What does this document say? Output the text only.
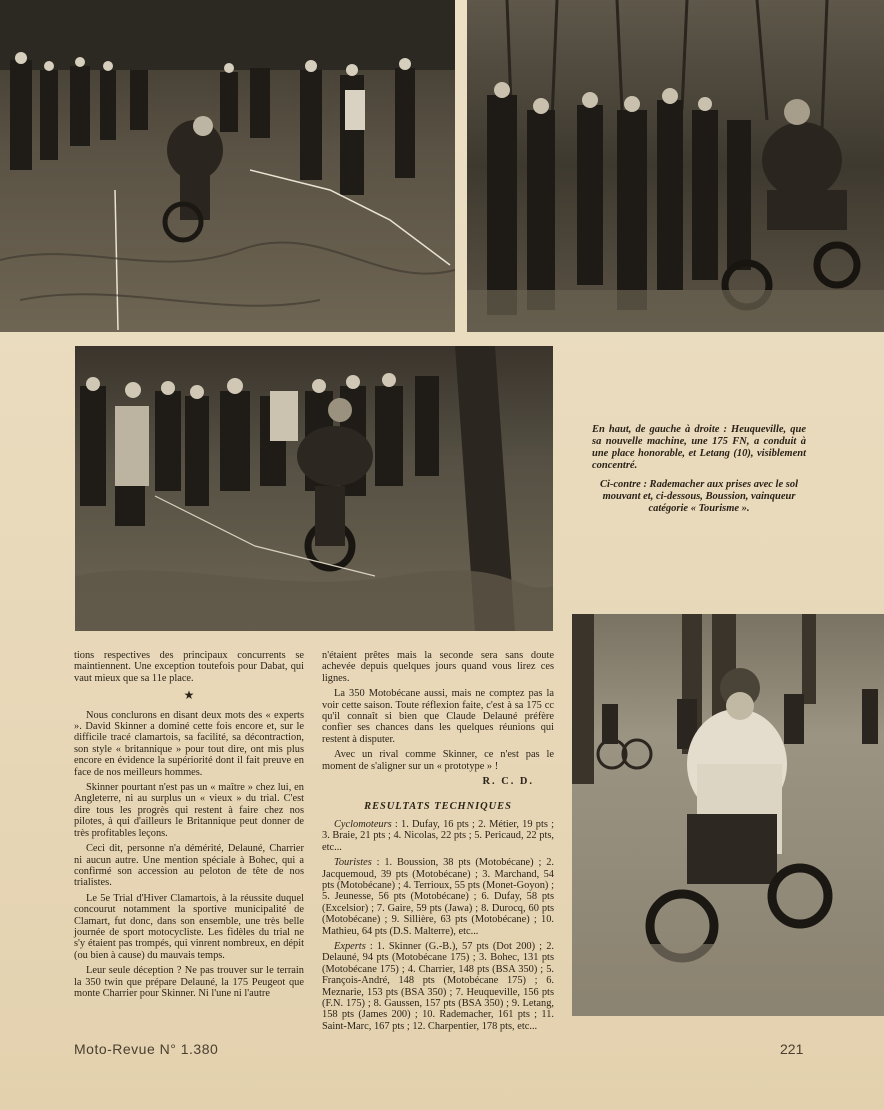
En haut, de gauche à droite : Heuqueville, que sa nouvelle machine, une 175 FN, a conduit à une place honorable, et Letang (10), visiblement concentré.

Ci-contre : Rademacher aux prises avec le sol mouvant et, ci-dessous, Boussion, vainqueur catégorie « Tourisme ».

tions respectives des principaux concurrents se maintiennent. Une exception toutefois pour Dabat, qui vaut mieux que sa 11e place.

★

Nous conclurons en disant deux mots des « experts ». David Skinner a dominé cette fois encore et, sur le difficile tracé clamartois, sa facilité, sa décontraction, son style « britannique » pour tout dire, ont mis plus encore en évidence la supériorité dont il fait preuve en face de nos meilleurs hommes.

Skinner pourtant n'est pas un « maître » chez lui, en Angleterre, ni au surplus un « vieux » du trial. C'est dire tous les progrès qui restent à faire chez nos pilotes, à qui d'ailleurs le Britannique peut donner de très profitables leçons.

Ceci dit, personne n'a démérité, Delauné, Charrier ni aucun autre. Une mention spéciale à Bohec, qui a confirmé son accession au peloton de tête de nos trialistes.

Le 5e Trial d'Hiver Clamartois, à la réussite duquel concourut notamment la sportive municipalité de Clamart, fut donc, dans son ensemble, une très belle journée de sport motocycliste. Les fidèles du trial ne s'y étaient pas trompés, qui vinrent nombreux, en dépit (ou bien à cause) du mauvais temps.

Leur seule déception ? Ne pas trouver sur le terrain la 350 twin que prépare Delauné, la 175 Peugeot que monte Charrier pour Skinner. Ni l'une ni l'autre

n'étaient prêtes mais la seconde sera sans doute achevée depuis quelques jours quand vous lirez ces lignes.

La 350 Motobécane aussi, mais ne comptez pas la voir cette saison. Toute réflexion faite, c'est à sa 175 cc qu'il connaît si bien que Claude Delauné préfère confier ses chances dans les quelques réunions qui restent à disputer.

Avec un rival comme Skinner, ce n'est pas le moment de s'aligner sur un « prototype » !

R. C. D.
RESULTATS TECHNIQUES

Cyclomoteurs : 1. Dufay, 16 pts ; 2. Métier, 19 pts ; 3. Braie, 21 pts ; 4. Nicolas, 22 pts ; 5. Pericaud, 22 pts, etc...

Touristes : 1. Boussion, 38 pts (Motobécane) ; 2. Jacquemoud, 39 pts (Motobécane) ; 3. Marchand, 54 pts (Motobécane) ; 4. Terrioux, 55 pts (Monet-Goyon) ; 5. Jeunesse, 56 pts (Motobécane) ; 6. Dufay, 58 pts (Excelsior) ; 7. Gaire, 59 pts (Jawa) ; 8. Durocq, 60 pts (Motobécane) ; 9. Sillière, 63 pts (Motobécane) ; 10. Mathieu, 64 pts (D.S. Malterre), etc...

Experts : 1. Skinner (G.-B.), 57 pts (Dot 200) ; 2. Delauné, 94 pts (Motobécane 175) ; 3. Bohec, 131 pts (Motobécane 175) ; 4. Charrier, 148 pts (BSA 350) ; 5. François-André, 148 pts (Motobécane 175) ; 6. Meznarie, 153 pts (BSA 350) ; 7. Heuqueville, 156 pts (F.N. 175) ; 8. Gaussen, 157 pts (BSA 350) ; 9. Letang, 158 pts (James 200) ; 10. Rademacher, 161 pts ; 11. Saint-Marc, 167 pts ; 12. Charpentier, 178 pts, etc...

Moto-Revue N° 1.380	221
